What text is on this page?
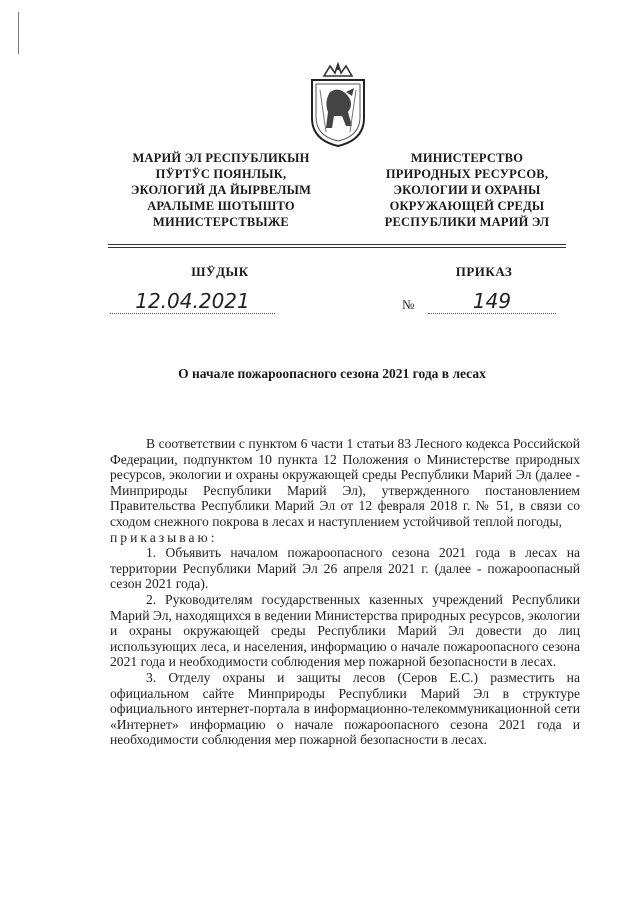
МАРИЙ ЭЛ РЕСПУБЛИКЫН
ПӰРТӰС ПОЯНЛЫК,
ЭКОЛОГИЙ ДА ЙЫРВЕЛЫМ
АРАЛЫМЕ ШОТЫШТО
МИНИСТЕРСТВЫЖЕ
МИНИСТЕРСТВО
ПРИРОДНЫХ РЕСУРСОВ,
ЭКОЛОГИИ И ОХРАНЫ
ОКРУЖАЮЩЕЙ СРЕДЫ
РЕСПУБЛИКИ МАРИЙ ЭЛ
ШӰДЫК	ПРИКАЗ
12.04.2021	№	149
О начале пожароопасного сезона 2021 года в лесах

В соответствии с пунктом 6 части 1 статьи 83 Лесного кодекса Российской Федерации, подпунктом 10 пункта 12 Положения о Министерстве природных ресурсов, экологии и охраны окружающей среды Республики Марий Эл (далее - Минприроды Республики Марий Эл), утвержденного постановлением Правительства Республики Марий Эл от 12 февраля 2018 г. № 51, в связи со сходом снежного покрова в лесах и наступлением устойчивой теплой погоды,

приказываю:

1. Объявить началом пожароопасного сезона 2021 года в лесах на территории Республики Марий Эл 26 апреля 2021 г. (далее - пожароопасный сезон 2021 года).

2. Руководителям государственных казенных учреждений Республики Марий Эл, находящихся в ведении Министерства природных ресурсов, экологии и охраны окружающей среды Республики Марий Эл довести до лиц использующих леса, и населения, информацию о начале пожароопасного сезона 2021 года и необходимости соблюдения мер пожарной безопасности в лесах.

3. Отделу охраны и защиты лесов (Серов Е.С.) разместить на официальном сайте Минприроды Республики Марий Эл в структуре официального интернет-портала в информационно-телекоммуникационной сети «Интернет» информацию о начале пожароопасного сезона 2021 года и необходимости соблюдения мер пожарной безопасности в лесах.
